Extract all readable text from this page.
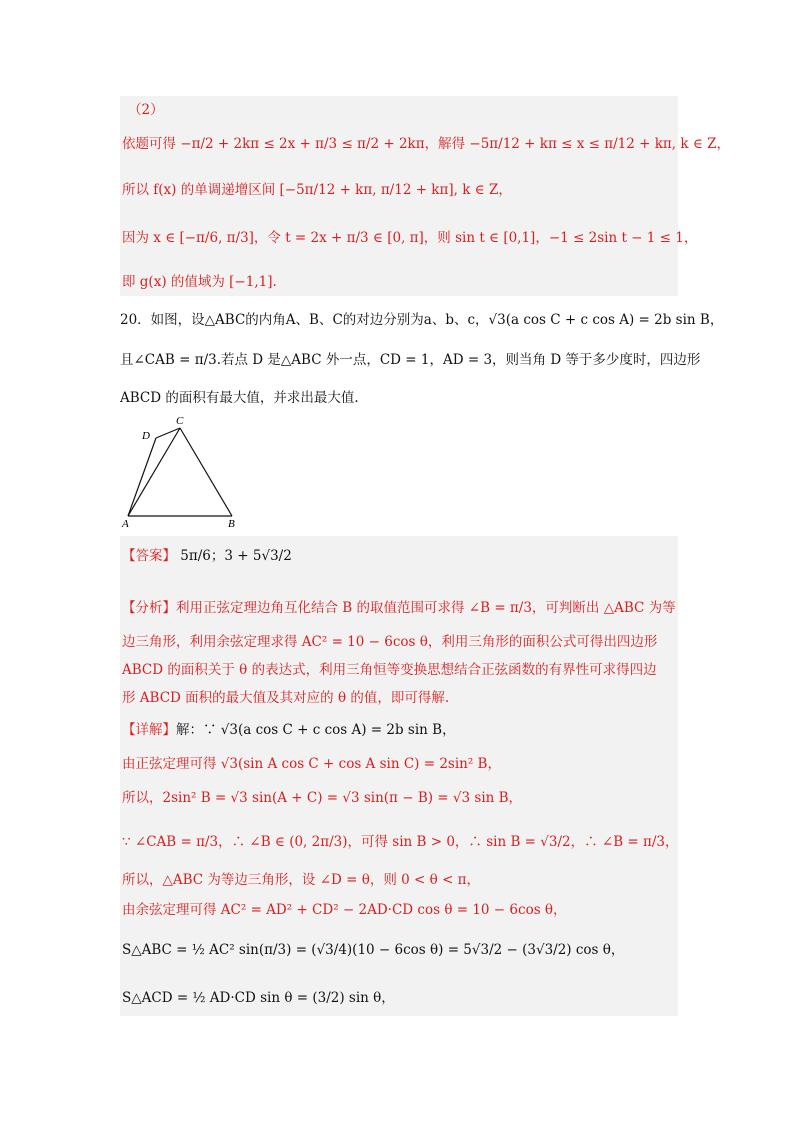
（2）
依题可得 −π/2 + 2kπ ≤ 2x + π/3 ≤ π/2 + 2kπ，解得 −5π/12 + kπ ≤ x ≤ π/12 + kπ, k ∈ Z，
所以 f(x) 的单调递增区间 [−5π/12 + kπ, π/12 + kπ], k ∈ Z，
因为 x ∈ [−π/6, π/3]，令 t = 2x + π/3 ∈ [0, π]，则 sin t ∈ [0,1]，−1 ≤ 2sin t − 1 ≤ 1，
即 g(x) 的值域为 [−1,1].
20．如图，设△ABC的内角A、B、C的对边分别为a、b、c，√3(a cos C + c cos A) = 2b sin B，
且∠CAB = π/3.若点 D 是△ABC 外一点，CD = 1，AD = 3，则当角 D 等于多少度时，四边形
ABCD 的面积有最大值，并求出最大值.
A	B
C
D
【答案】 5π/6；3 + 5√3/2
【分析】利用正弦定理边角互化结合 B 的取值范围可求得 ∠B = π/3，可判断出 △ABC 为等
边三角形，利用余弦定理求得 AC² = 10 − 6cos θ，利用三角形的面积公式可得出四边形
ABCD 的面积关于 θ 的表达式，利用三角恒等变换思想结合正弦函数的有界性可求得四边
形 ABCD 面积的最大值及其对应的 θ 的值，即可得解.
【详解】解：∵ √3(a cos C + c cos A) = 2b sin B，
由正弦定理可得 √3(sin A cos C + cos A sin C) = 2sin² B，
所以，2sin² B = √3 sin(A + C) = √3 sin(π − B) = √3 sin B，
∵ ∠CAB = π/3，∴ ∠B ∈ (0, 2π/3)，可得 sin B > 0，∴ sin B = √3/2，∴ ∠B = π/3，
所以，△ABC 为等边三角形，设 ∠D = θ，则 0 < θ < π，
由余弦定理可得 AC² = AD² + CD² − 2AD·CD cos θ = 10 − 6cos θ，
S△ABC = ½ AC² sin(π/3) = (√3/4)(10 − 6cos θ) = 5√3/2 − (3√3/2) cos θ，
S△ACD = ½ AD·CD sin θ = (3/2) sin θ，
